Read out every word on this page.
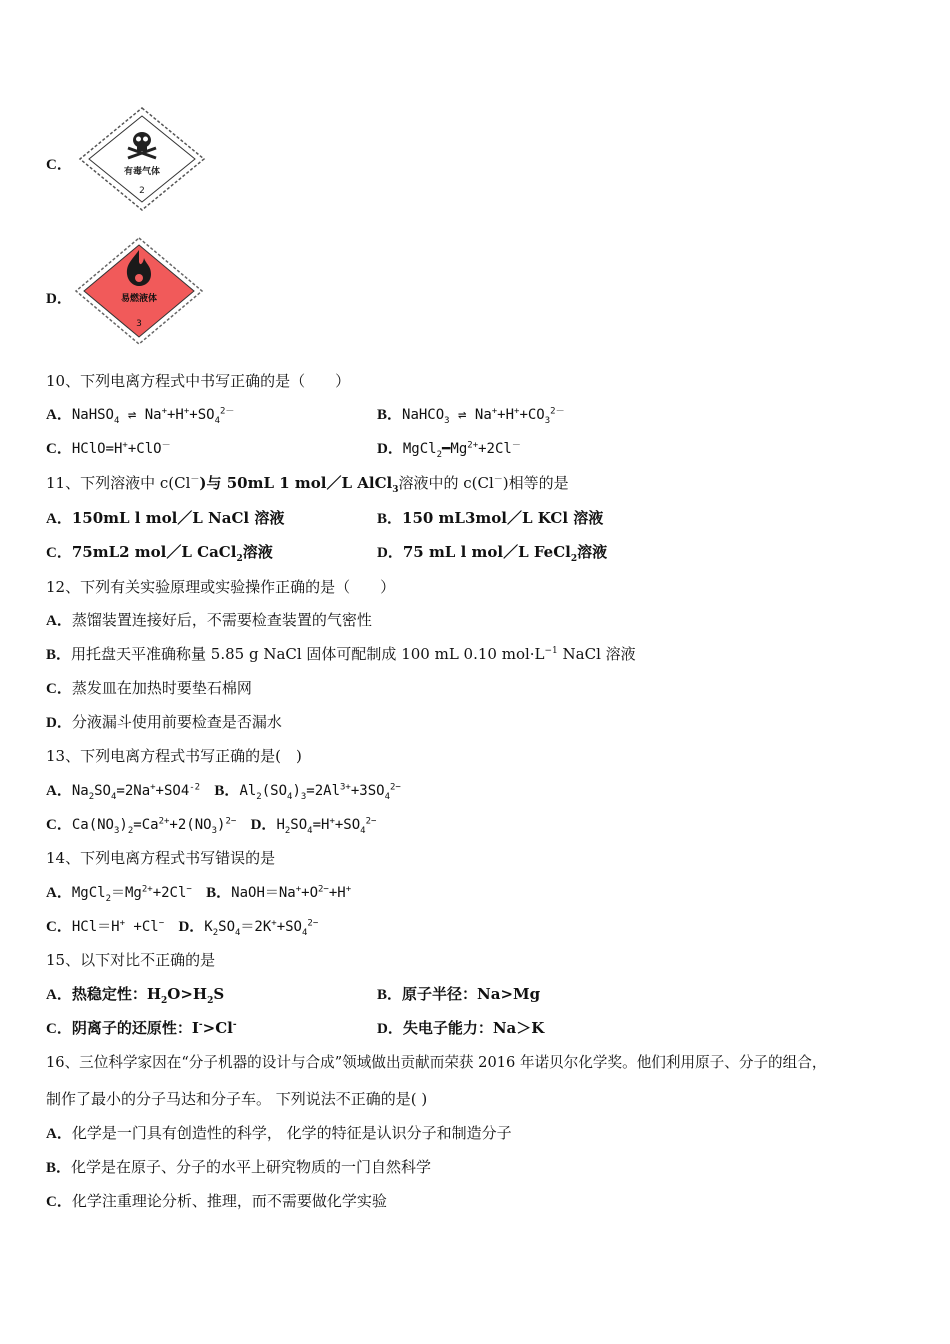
C．	有毒气体
2
D．	易燃液体
3
10、下列电离方程式中书写正确的是（　　）
A．NaHSO$_4$ ⇌ $Na^++H^++SO_4^{2-}$	B．NaHCO$_3$ ⇌ $Na^++H^++CO_3^{2-}$
C．HClO=H++ClO－	D．$MgCl_2━Mg^{2+}+2Cl^-$
11、下列溶液中 c(Cl－)与 50mL 1 mol／L AlCl$_3$溶液中的 c(Cl－)相等的是
A．150mL l mol／L NaCl 溶液	B．150 mL3mol／L KCl 溶液
C．75mL2 mol／L CaCl$_2$溶液	D．75 mL l mol／L FeCl$_2$溶液
12、下列有关实验原理或实验操作正确的是（　　）
A．蒸馏装置连接好后，不需要检查装置的气密性
B．用托盘天平准确称量 5.85 g NaCl 固体可配制成 100 mL 0.10 $mol\cdot L^{-1}$ NaCl 溶液
C．蒸发皿在加热时要垫石棉网
D．分液漏斗使用前要检查是否漏水
13、下列电离方程式书写正确的是(　)
A．$Na_2SO_4=2Na^++SO4^{-2}$ B．$Al_2(SO_4)_3=2Al^{3+}+3SO_4^{2-}$
C．$Ca(NO_3)_2=Ca^{2+}+2(NO_3)^{2-}$ D．$H_2SO_4=H^++SO_4^{2-}$
14、下列电离方程式书写错误的是
A．$MgCl_2=Mg^{2+}+2Cl^-$ B．$NaOH=Na^++O^{2-}+H^+$
C．HCl＝H+ +Cl− D．$K_2SO_4=2K^++SO_4^{2-}$
15、以下对比不正确的是
A．热稳定性：$H_2O>H_2S$	B．原子半径：Na>Mg
C．阴离子的还原性：I->Cl-	D．失电子能力：Na＞K
16、三位科学家因在“分子机器的设计与合成”领域做出贡献而荣获 2016 年诺贝尔化学奖。他们利用原子、分子的组合，
制作了最小的分子马达和分子车。 下列说法不正确的是( )
A．化学是一门具有创造性的科学， 化学的特征是认识分子和制造分子
B．化学是在原子、分子的水平上研究物质的一门自然科学
C．化学注重理论分析、推理，而不需要做化学实验
